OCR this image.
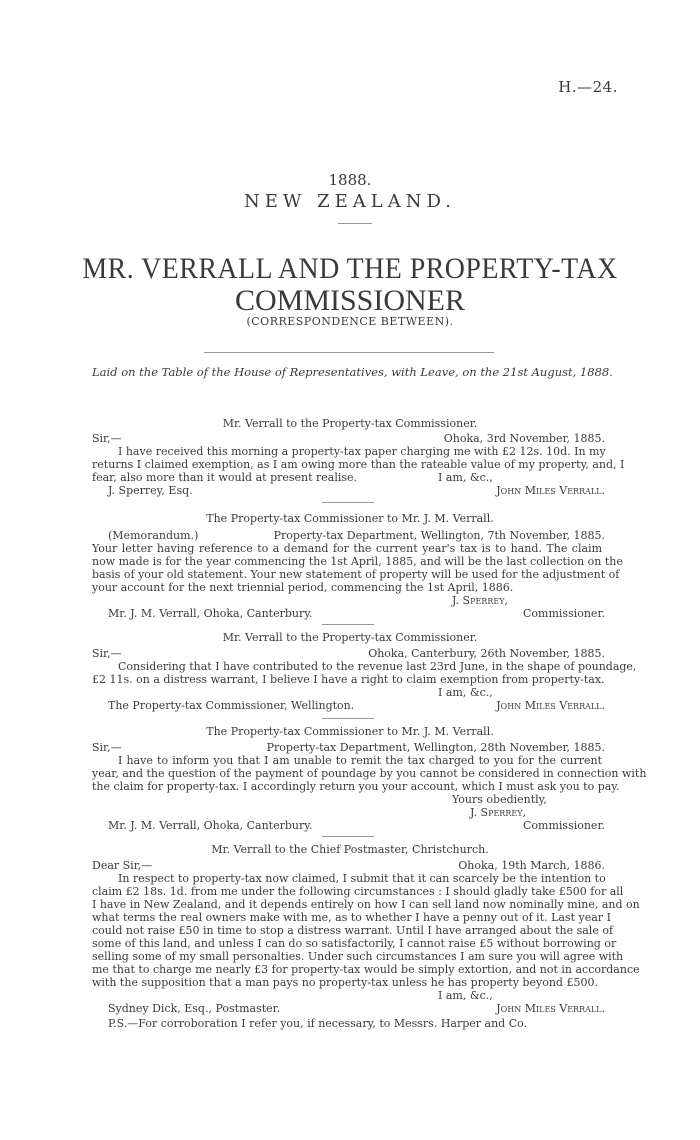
H.—24.
1888.
NEW ZEALAND.
MR. VERRALL AND THE PROPERTY-TAX
COMMISSIONER
(CORRESPONDENCE BETWEEN).
Laid on the Table of the House of Representatives, with Leave, on the 21st August, 1888.
Mr. Verrall to the Property-tax Commissioner.
Sir,—	Ohoka, 3rd November, 1885.
I have received this morning a property-tax paper charging me with £2 12s. 10d. In my
returns I claimed exemption, as I am owing more than the rateable value of my property, and, I
fear, also more than it would at present realise.	I am, &c.,
J. Sperrey, Esq.	John Miles Verrall.
The Property-tax Commissioner to Mr. J. M. Verrall.
(Memorandum.)	Property-tax Department, Wellington, 7th November, 1885.
Your letter having reference to a demand for the current year's tax is to hand. The claim
now made is for the year commencing the 1st April, 1885, and will be the last collection on the
basis of your old statement. Your new statement of property will be used for the adjustment of
your account for the next triennial period, commencing the 1st April, 1886.
J. Sperrey,
Mr. J. M. Verrall, Ohoka, Canterbury.	Commissioner.
Mr. Verrall to the Property-tax Commissioner.
Sir,—	Ohoka, Canterbury, 26th November, 1885.
Considering that I have contributed to the revenue last 23rd June, in the shape of poundage,
£2 11s. on a distress warrant, I believe I have a right to claim exemption from property-tax.
I am, &c.,
The Property-tax Commissioner, Wellington.	John Miles Verrall.
The Property-tax Commissioner to Mr. J. M. Verrall.
Sir,—	Property-tax Department, Wellington, 28th November, 1885.
I have to inform you that I am unable to remit the tax charged to you for the current
year, and the question of the payment of poundage by you cannot be considered in connection with
the claim for property-tax. I accordingly return you your account, which I must ask you to pay.
Yours obediently,
J. Sperrey,
Mr. J. M. Verrall, Ohoka, Canterbury.	Commissioner.
Mr. Verrall to the Chief Postmaster, Christchurch.
Dear Sir,—	Ohoka, 19th March, 1886.
In respect to property-tax now claimed, I submit that it can scarcely be the intention to
claim £2 18s. 1d. from me under the following circumstances : I should gladly take £500 for all
I have in New Zealand, and it depends entirely on how I can sell land now nominally mine, and on
what terms the real owners make with me, as to whether I have a penny out of it. Last year I
could not raise £50 in time to stop a distress warrant. Until I have arranged about the sale of
some of this land, and unless I can do so satisfactorily, I cannot raise £5 without borrowing or
selling some of my small personalties. Under such circumstances I am sure you will agree with
me that to charge me nearly £3 for property-tax would be simply extortion, and not in accordance
with the supposition that a man pays no property-tax unless he has property beyond £500.
I am, &c.,
Sydney Dick, Esq., Postmaster.	John Miles Verrall.
P.S.—For corroboration I refer you, if necessary, to Messrs. Harper and Co.
